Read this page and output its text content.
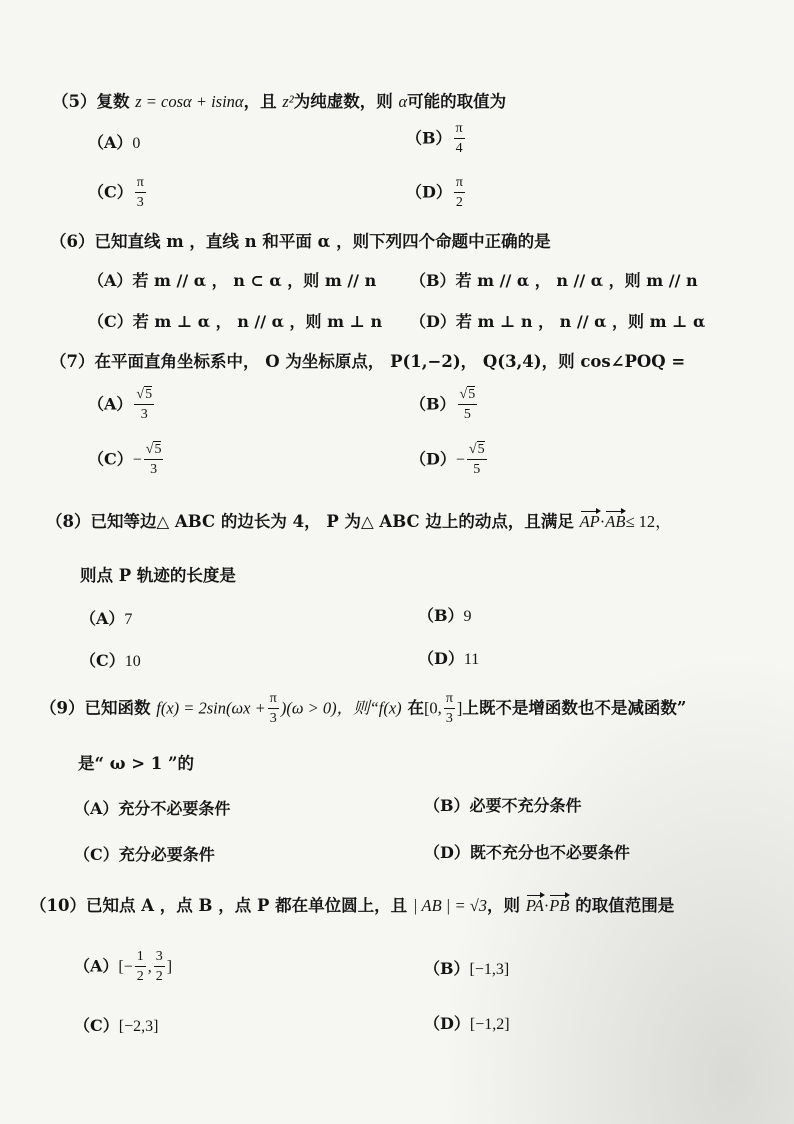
（5）复数 z = cosα + isinα，且 z²为纯虚数，则 α可能的取值为
（A）0	$(B) \frac{\pi}{4}$
$(C) \frac{\pi}{3}$	$(D) \frac{\pi}{2}$
（6）已知直线 m ，直线 n 和平面 α ，则下列四个命题中正确的是
（A）若 m // α ， n ⊂ α ，则 m // n （B）若 m // α ， n // α ，则 m // n
（C）若 m ⊥ α ， n // α ，则 m ⊥ n （D）若 m ⊥ n ， n // α ，则 m ⊥ α
（7）在平面直角坐标系中， O 为坐标原点， P(1,−2)， Q(3,4)，则 cos∠POQ =
$(A) \frac{√5}{3}$	$(B) \frac{√5}{5}$
$(C)- \frac{√5}{3}$	$(D)- \frac{√5}{5}$
（8）已知等边△ ABC 的边长为 4， P 为△ ABC 边上的动点，且满足 AP·AB≤ 12，
则点 P 轨迹的长度是
（A）7	（B）9
（C）10	（D）11
（9）已知函数 $f(x) = 2\sin(\omega x + \frac{\pi}{3} )(\omega > 0)$，则“f(x) 在[0, $\frac{\pi}{3}$ ]上既不是增函数也不是减函数”
是“ ω > 1 ”的
（A）充分不必要条件	（B）必要不充分条件
（C）充分必要条件	（D）既不充分也不必要条件
（10）已知点 A ，点 B ，点 P 都在单位圆上，且 | AB | = √3，则 PA·PB 的取值范围是
$(A)[- \frac{1}{2}$ , $\frac{3}{2}$ ]	（B）[−1,3]
（C）[−2,3]	（D）[−1,2]
